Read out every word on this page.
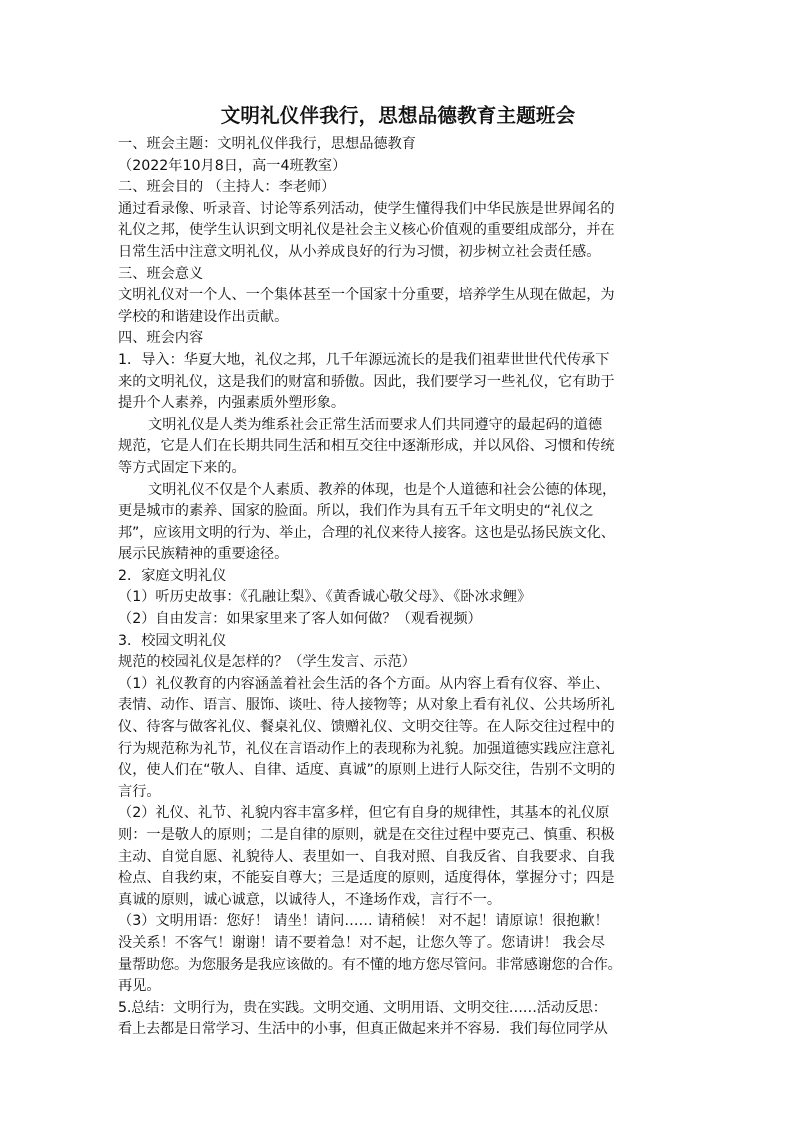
文明礼仪伴我行，思想品德教育主题班会

一、班会主题：文明礼仪伴我行，思想品德教育

（2022年10月8日，高一4班教室）

二、班会目的 （主持人：李老师）

通过看录像、听录音、讨论等系列活动，使学生懂得我们中华民族是世界闻名的

礼仪之邦，使学生认识到文明礼仪是社会主义核心价值观的重要组成部分，并在

日常生活中注意文明礼仪，从小养成良好的行为习惯，初步树立社会责任感。

三、班会意义

文明礼仪对一个人、一个集体甚至一个国家十分重要，培养学生从现在做起，为

学校的和谐建设作出贡献。

四、班会内容

1．导入：华夏大地，礼仪之邦，几千年源远流长的是我们祖辈世世代代传承下

来的文明礼仪，这是我们的财富和骄傲。因此，我们要学习一些礼仪，它有助于

提升个人素养，内强素质外塑形象。

文明礼仪是人类为维系社会正常生活而要求人们共同遵守的最起码的道德

规范，它是人们在长期共同生活和相互交往中逐渐形成，并以风俗、习惯和传统

等方式固定下来的。

文明礼仪不仅是个人素质、教养的体现，也是个人道德和社会公德的体现，

更是城市的素养、国家的脸面。所以，我们作为具有五千年文明史的“礼仪之

邦”，应该用文明的行为、举止，合理的礼仪来待人接客。这也是弘扬民族文化、

展示民族精神的重要途径。

2．家庭文明礼仪

（1）听历史故事：《孔融让梨》、《黄香诚心敬父母》、《卧冰求鲤》

（2）自由发言：如果家里来了客人如何做？（观看视频）

3．校园文明礼仪

规范的校园礼仪是怎样的？（学生发言、示范）

（1）礼仪教育的内容涵盖着社会生活的各个方面。从内容上看有仪容、举止、

表情、动作、语言、服饰、谈吐、待人接物等；从对象上看有礼仪、公共场所礼

仪、待客与做客礼仪、餐桌礼仪、馈赠礼仪、文明交往等。在人际交往过程中的

行为规范称为礼节，礼仪在言语动作上的表现称为礼貌。加强道德实践应注意礼

仪，使人们在“敬人、自律、适度、真诚”的原则上进行人际交往，告别不文明的

言行。

（2）礼仪、礼节、礼貌内容丰富多样，但它有自身的规律性，其基本的礼仪原

则：一是敬人的原则；二是自律的原则，就是在交往过程中要克己、慎重、积极

主动、自觉自愿、礼貌待人、表里如一、自我对照、自我反省、自我要求、自我

检点、自我约束，不能妄自尊大；三是适度的原则，适度得体，掌握分寸；四是

真诚的原则，诚心诚意，以诚待人，不逢场作戏，言行不一。

（3）文明用语：您好！ 请坐！请问…… 请稍候！ 对不起！请原谅！很抱歉！

没关系！不客气！谢谢！请不要着急！对不起，让您久等了。您请讲！ 我会尽

量帮助您。为您服务是我应该做的。有不懂的地方您尽管问。非常感谢您的合作。

再见。

5.总结：文明行为，贵在实践。文明交通、文明用语、文明交往……活动反思：

看上去都是日常学习、生活中的小事，但真正做起来并不容易．我们每位同学从
